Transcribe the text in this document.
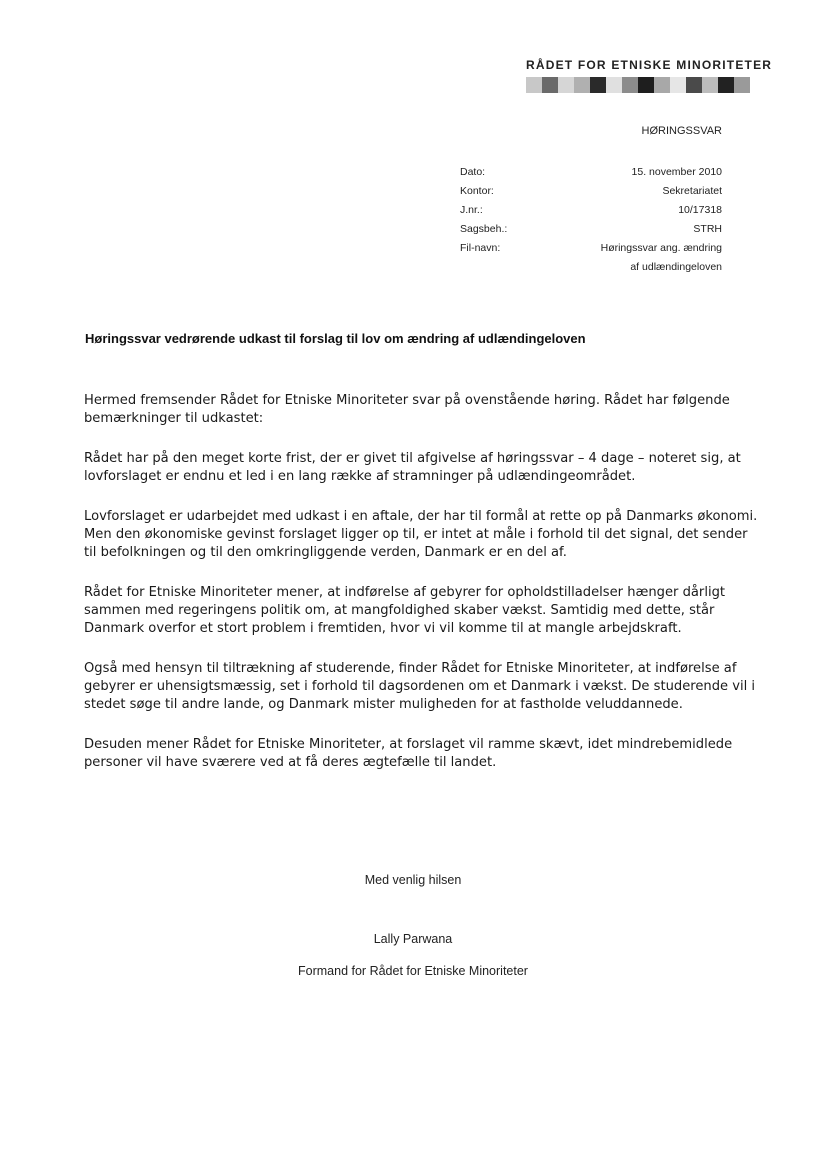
RÅDET FOR ETNISKE MINORITETER
HØRINGSSVAR
Dato:	15. november 2010
Kontor:	Sekretariatet
J.nr.:	10/17318
Sagsbeh.:	STRH
Fil-navn:	Høringssvar ang. ændring
af udlændingeloven
Høringssvar vedrørende udkast til forslag til lov om ændring af udlændingeloven

Hermed fremsender Rådet for Etniske Minoriteter svar på ovenstående høring. Rådet har følgende bemærkninger til udkastet:

Rådet har på den meget korte frist, der er givet til afgivelse af høringssvar – 4 dage – noteret sig, at lovforslaget er endnu et led i en lang række af stramninger på udlændingeområdet.

Lovforslaget er udarbejdet med udkast i en aftale, der har til formål at rette op på Danmarks økonomi. Men den økonomiske gevinst forslaget ligger op til, er intet at måle i forhold til det signal, det sender til befolkningen og til den omkringliggende verden, Danmark er en del af.

Rådet for Etniske Minoriteter mener, at indførelse af gebyrer for opholdstilladelser hænger dårligt sammen med regeringens politik om, at mangfoldighed skaber vækst. Samtidig med dette, står Danmark overfor et stort problem i fremtiden, hvor vi vil komme til at mangle arbejdskraft.

Også med hensyn til tiltrækning af studerende, finder Rådet for Etniske Minoriteter, at indførelse af gebyrer er uhensigtsmæssig, set i forhold til dagsordenen om et Danmark i vækst. De studerende vil i stedet søge til andre lande, og Danmark mister muligheden for at fastholde veluddannede.

Desuden mener Rådet for Etniske Minoriteter, at forslaget vil ramme skævt, idet mindrebemidlede personer vil have sværere ved at få deres ægtefælle til landet.

Med venlig hilsen
Lally Parwana
Formand for Rådet for Etniske Minoriteter
